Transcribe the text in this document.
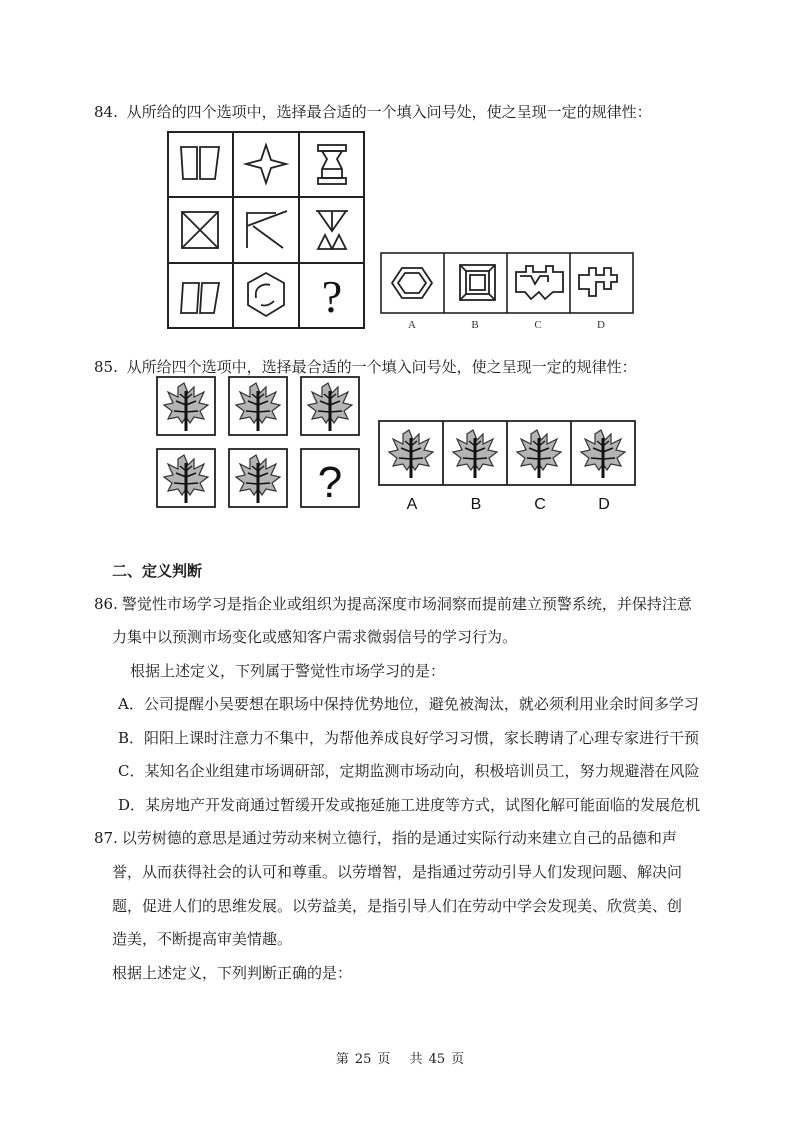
84. 从所给的四个选项中，选择最合适的一个填入问号处，使之呈现一定的规律性：
?
A	B	C	D
85. 从所给四个选项中，选择最合适的一个填入问号处，使之呈现一定的规律性：
?	A	B	C	D
二、定义判断
86. 警觉性市场学习是指企业或组织为提高深度市场洞察而提前建立预警系统，并保持注意
力集中以预测市场变化或感知客户需求微弱信号的学习行为。
根据上述定义，下列属于警觉性市场学习的是：
A．公司提醒小吴要想在职场中保持优势地位，避免被淘汰，就必须利用业余时间多学习
B．阳阳上课时注意力不集中，为帮他养成良好学习习惯，家长聘请了心理专家进行干预
C．某知名企业组建市场调研部，定期监测市场动向，积极培训员工，努力规避潜在风险
D．某房地产开发商通过暂缓开发或拖延施工进度等方式，试图化解可能面临的发展危机
87. 以劳树德的意思是通过劳动来树立德行，指的是通过实际行动来建立自己的品德和声
誉，从而获得社会的认可和尊重。以劳增智，是指通过劳动引导人们发现问题、解决问
题，促进人们的思维发展。以劳益美，是指引导人们在劳动中学会发现美、欣赏美、创
造美，不断提高审美情趣。
根据上述定义，下列判断正确的是：
第 25 页 共 45 页
